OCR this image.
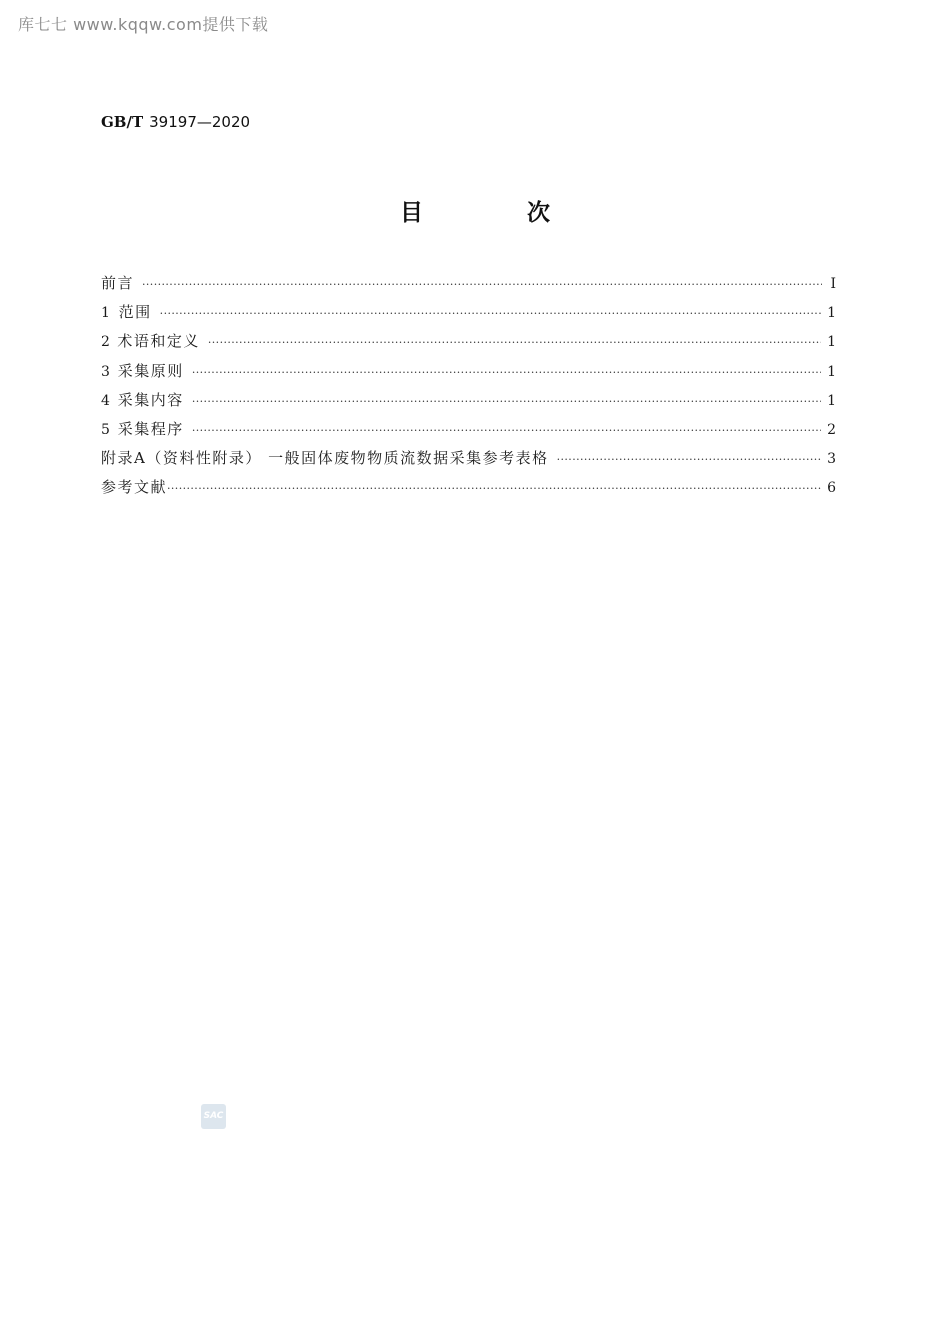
库七七 www.kqqw.com提供下载
GB/T 39197—2020
目 次
前言 ·····	Ⅰ
1 范围 ·····	1
2 术语和定义 ·····	1
3 采集原则 ·····	1
4 采集内容 ·····	1
5 采集程序 ·····	2
附录A（资料性附录） 一般固体废物物质流数据采集参考表格 ·····	3
参考文献 ·····	6
SAC
